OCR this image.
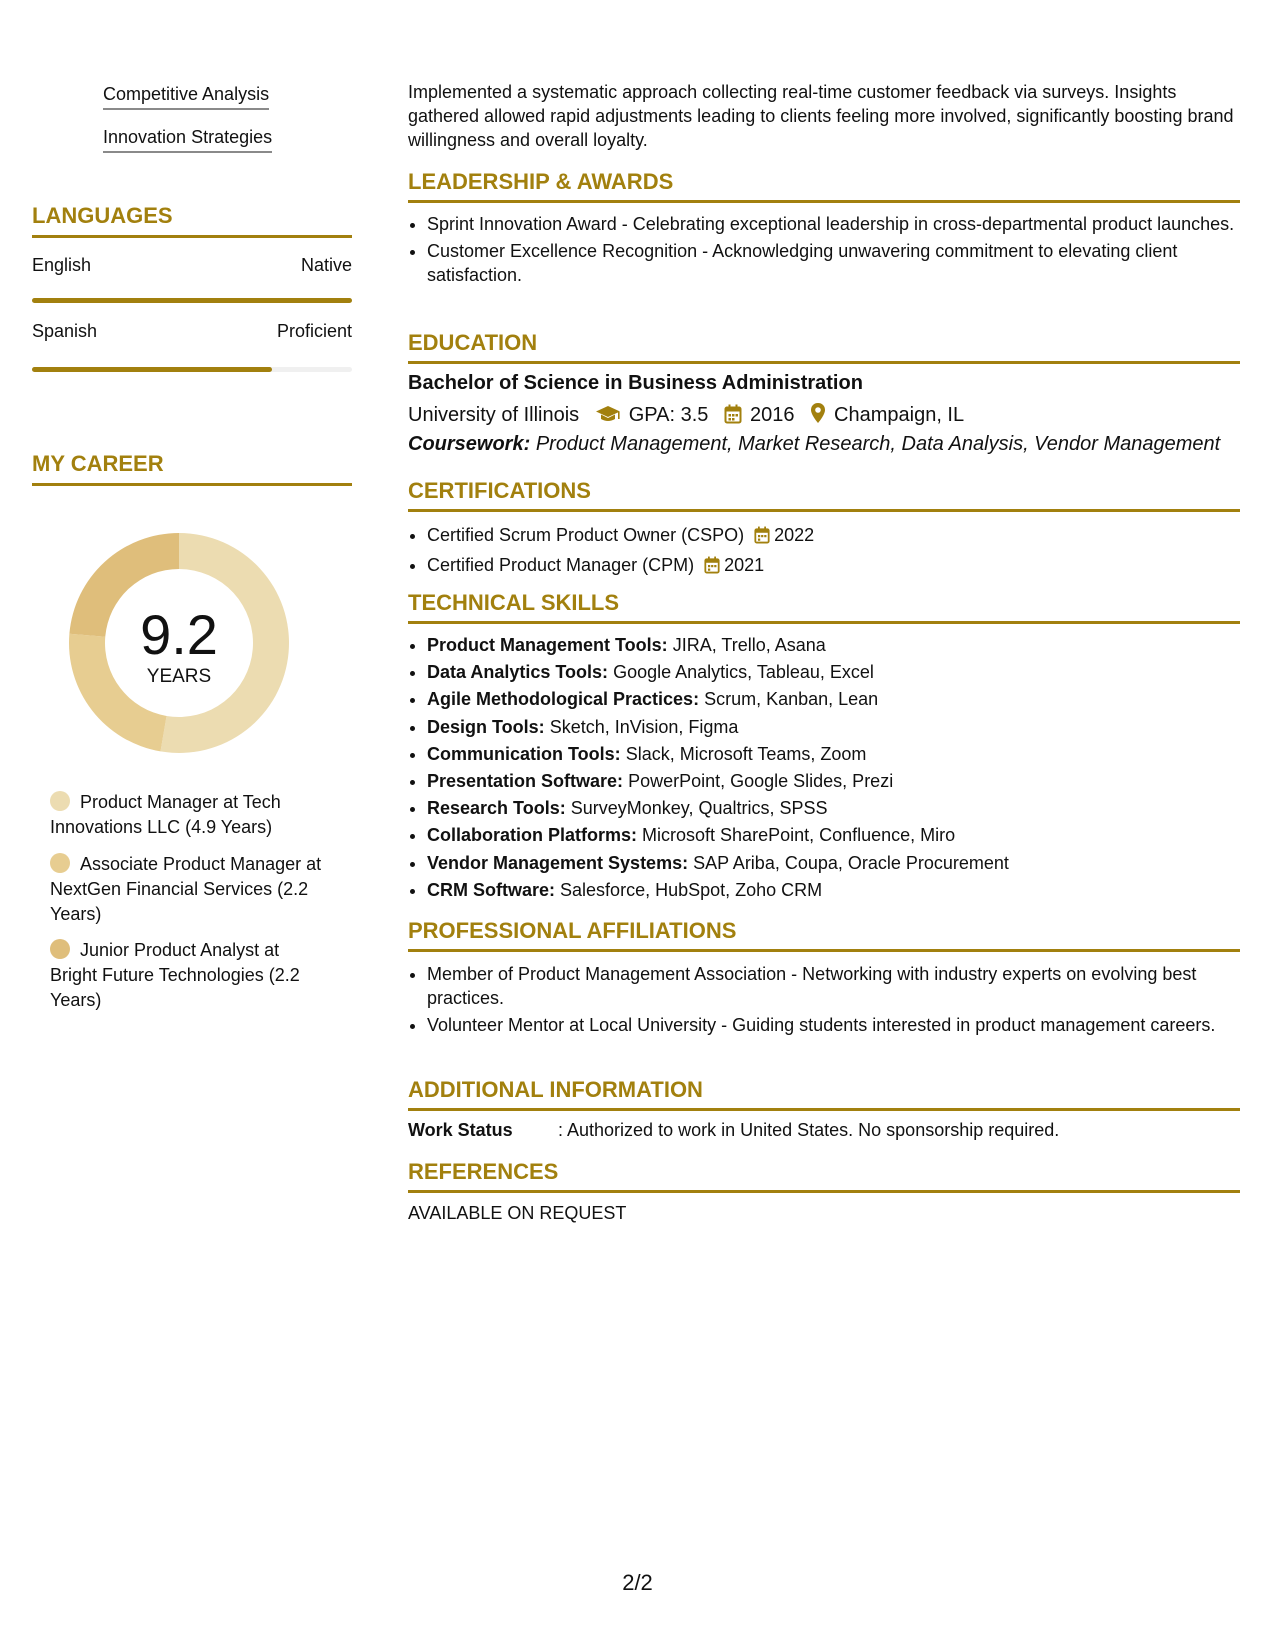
Competitive Analysis
Innovation Strategies
LANGUAGES
English	Native
Spanish	Proficient
MY CAREER
9.2
YEARS
Product Manager at Tech Innovations LLC (4.9 Years)
Associate Product Manager at NextGen Financial Services (2.2 Years)
Junior Product Analyst at Bright Future Technologies (2.2 Years)
Implemented a systematic approach collecting real-time customer feedback via surveys. Insights gathered allowed rapid adjustments leading to clients feeling more involved, significantly boosting brand willingness and overall loyalty.
LEADERSHIP & AWARDS
• Sprint Innovation Award - Celebrating exceptional leadership in cross-departmental product launches.
• Customer Excellence Recognition - Acknowledging unwavering commitment to elevating client satisfaction.
EDUCATION
Bachelor of Science in Business Administration
University of Illinois GPA: 3.5 2016 Champaign, IL
Coursework: Product Management, Market Research, Data Analysis, Vendor Management
CERTIFICATIONS
• Certified Scrum Product Owner (CSPO) 2022
• Certified Product Manager (CPM) 2021
TECHNICAL SKILLS
• Product Management Tools: JIRA, Trello, Asana
• Data Analytics Tools: Google Analytics, Tableau, Excel
• Agile Methodological Practices: Scrum, Kanban, Lean
• Design Tools: Sketch, InVision, Figma
• Communication Tools: Slack, Microsoft Teams, Zoom
• Presentation Software: PowerPoint, Google Slides, Prezi
• Research Tools: SurveyMonkey, Qualtrics, SPSS
• Collaboration Platforms: Microsoft SharePoint, Confluence, Miro
• Vendor Management Systems: SAP Ariba, Coupa, Oracle Procurement
• CRM Software: Salesforce, HubSpot, Zoho CRM
PROFESSIONAL AFFILIATIONS
• Member of Product Management Association - Networking with industry experts on evolving best practices.
• Volunteer Mentor at Local University - Guiding students interested in product management careers.
ADDITIONAL INFORMATION
Work Status	: Authorized to work in United States. No sponsorship required.
REFERENCES
AVAILABLE ON REQUEST
2/2
